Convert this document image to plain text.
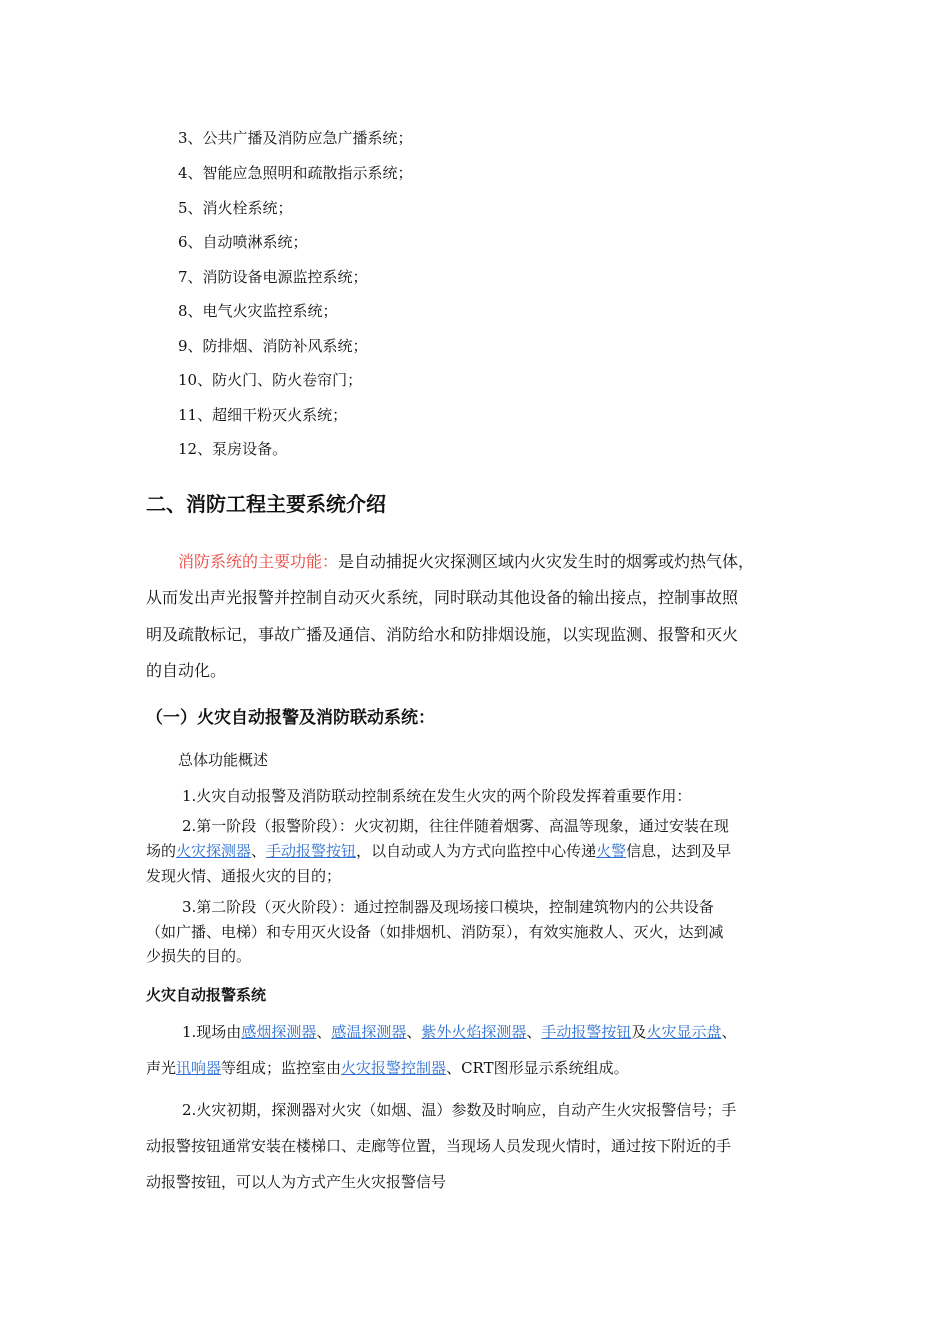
3、公共广播及消防应急广播系统；
4、智能应急照明和疏散指示系统；
5、消火栓系统；
6、自动喷淋系统；
7、消防设备电源监控系统；
8、电气火灾监控系统；
9、防排烟、消防补风系统；
10、防火门、防火卷帘门；
11、超细干粉灭火系统；
12、泵房设备。
二、消防工程主要系统介绍
消防系统的主要功能：是自动捕捉火灾探测区域内火灾发生时的烟雾或灼热气体，
从而发出声光报警并控制自动灭火系统，同时联动其他设备的输出接点，控制事故照
明及疏散标记，事故广播及通信、消防给水和防排烟设施，以实现监测、报警和灭火
的自动化。
（一）火灾自动报警及消防联动系统：
总体功能概述
1.火灾自动报警及消防联动控制系统在发生火灾的两个阶段发挥着重要作用：
2.第一阶段（报警阶段）：火灾初期，往往伴随着烟雾、高温等现象，通过安装在现
场的火灾探测器、手动报警按钮，以自动或人为方式向监控中心传递火警信息，达到及早
发现火情、通报火灾的目的；
3.第二阶段（灭火阶段）：通过控制器及现场接口模块，控制建筑物内的公共设备
（如广播、电梯）和专用灭火设备（如排烟机、消防泵），有效实施救人、灭火，达到减
少损失的目的。
火灾自动报警系统
1.现场由感烟探测器、感温探测器、紫外火焰探测器、手动报警按钮及火灾显示盘、
声光讯响器等组成；监控室由火灾报警控制器、CRT图形显示系统组成。
2.火灾初期，探测器对火灾（如烟、温）参数及时响应，自动产生火灾报警信号；手
动报警按钮通常安装在楼梯口、走廊等位置，当现场人员发现火情时，通过按下附近的手
动报警按钮，可以人为方式产生火灾报警信号
